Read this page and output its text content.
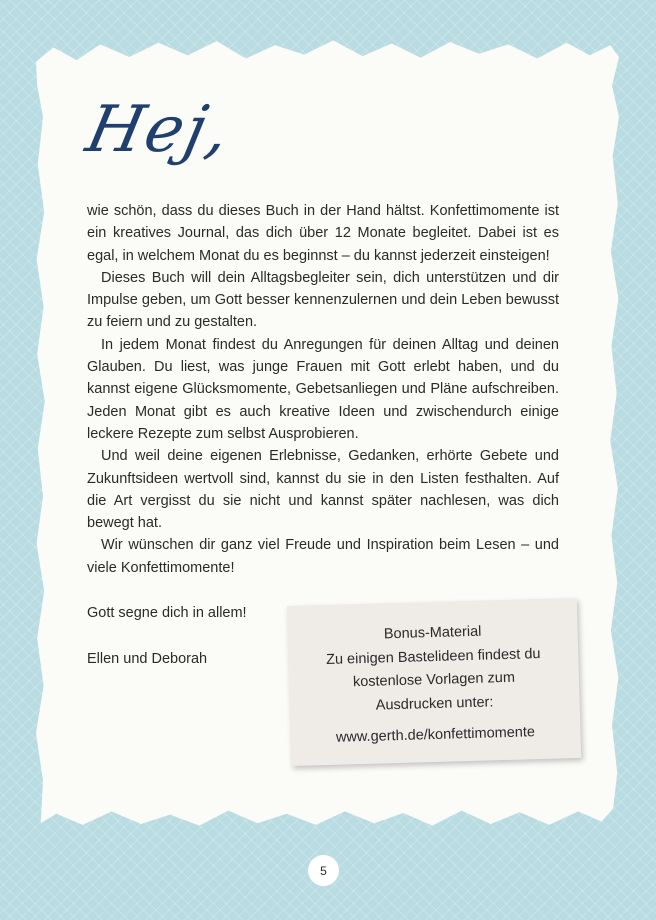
Hej,

wie schön, dass du dieses Buch in der Hand hältst. Konfettimomente ist ein kreatives Journal, das dich über 12 Monate begleitet. Dabei ist es egal, in welchem Monat du es beginnst – du kannst jederzeit einsteigen!

Dieses Buch will dein Alltagsbegleiter sein, dich unterstützen und dir Impulse geben, um Gott besser kennenzulernen und dein Leben bewusst zu feiern und zu gestalten.

In jedem Monat findest du Anregungen für deinen Alltag und deinen Glauben. Du liest, was junge Frauen mit Gott erlebt haben, und du kannst eigene Glücksmomente, Gebetsanliegen und Pläne aufschreiben. Jeden Monat gibt es auch kreative Ideen und zwischendurch einige leckere Rezepte zum selbst Ausprobieren.

Und weil deine eigenen Erlebnisse, Gedanken, erhörte Gebete und Zukunftsideen wertvoll sind, kannst du sie in den Listen festhalten. Auf die Art vergisst du sie nicht und kannst später nachlesen, was dich bewegt hat.

Wir wünschen dir ganz viel Freude und Inspiration beim Lesen – und viele Konfettimomente!

Gott segne dich in allem!
Ellen und Deborah
Bonus-Material
Zu einigen Bastelideen findest du
kostenlose Vorlagen zum
Ausdrucken unter:
www.gerth.de/konfettimomente
5
